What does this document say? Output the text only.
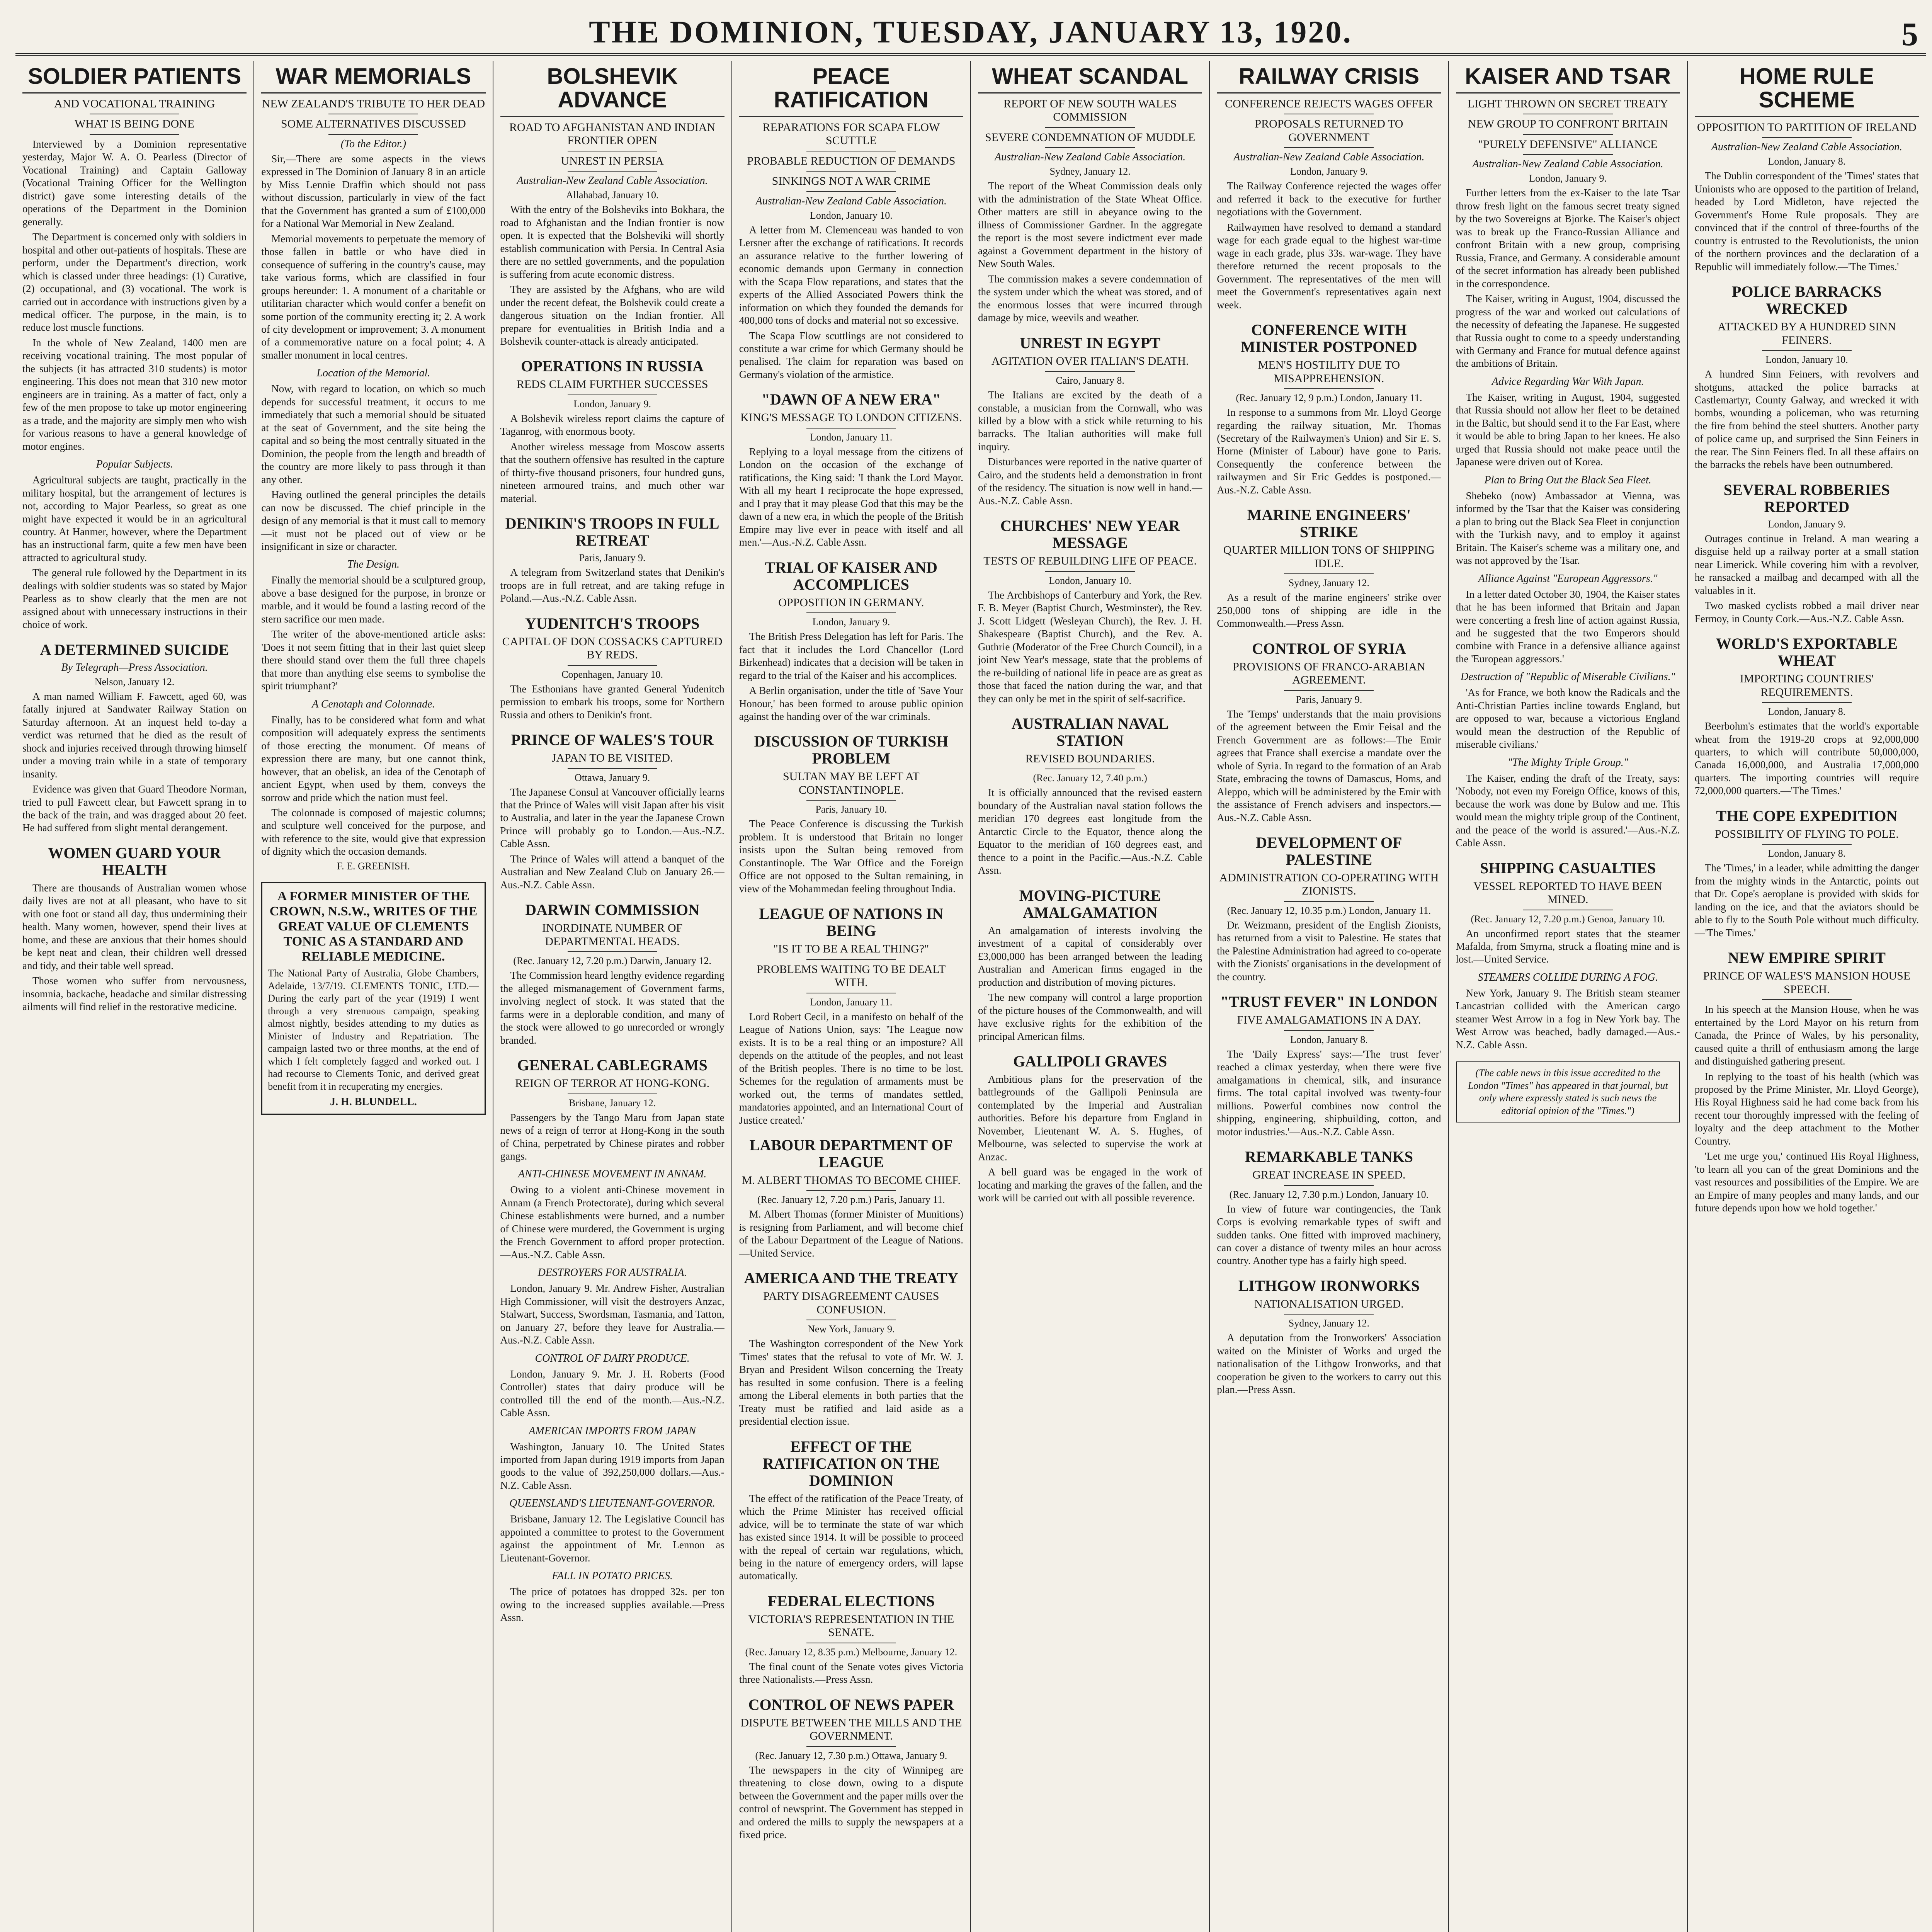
THE DOMINION, TUESDAY, JANUARY 13, 1920.	5
SOLDIER PATIENTS
AND VOCATIONAL TRAINING
WHAT IS BEING DONE

Interviewed by a Dominion representative yesterday, Major W. A. O. Pearless (Director of Vocational Training) and Captain Galloway (Vocational Training Officer for the Wellington district) gave some interesting details of the operations of the Department in the Dominion generally.

The Department is concerned only with soldiers in hospital and other out-patients of hospitals. These are perform, under the Department's direction, work which is classed under three headings: (1) Curative, (2) occupational, and (3) vocational. The work is carried out in accordance with instructions given by a medical officer. The purpose, in the main, is to reduce lost muscle functions.

In the whole of New Zealand, 1400 men are receiving vocational training. The most popular of the subjects (it has attracted 310 students) is motor engineering. This does not mean that 310 new motor engineers are in training. As a matter of fact, only a few of the men propose to take up motor engineering as a trade, and the majority are simply men who wish for various reasons to have a general knowledge of motor engines.

Popular Subjects.

Agricultural subjects are taught, practically in the military hospital, but the arrangement of lectures is not, according to Major Pearless, so great as one might have expected it would be in an agricultural country. At Hanmer, however, where the Department has an instructional farm, quite a few men have been attracted to agricultural study.

The general rule followed by the Department in its dealings with soldier students was so stated by Major Pearless as to show clearly that the men are not assigned about with unnecessary instructions in their choice of work.

A DETERMINED SUICIDE
By Telegraph—Press Association.
Nelson, January 12.

A man named William F. Fawcett, aged 60, was fatally injured at Sandwater Railway Station on Saturday afternoon. At an inquest held to-day a verdict was returned that he died as the result of shock and injuries received through throwing himself under a moving train while in a state of temporary insanity.

Evidence was given that Guard Theodore Norman, tried to pull Fawcett clear, but Fawcett sprang in to the back of the train, and was dragged about 20 feet. He had suffered from slight mental derangement.

WOMEN GUARD YOUR HEALTH

There are thousands of Australian women whose daily lives are not at all pleasant, who have to sit with one foot or stand all day, thus undermining their health. Many women, however, spend their lives at home, and these are anxious that their homes should be kept neat and clean, their children well dressed and tidy, and their table well spread.

Those women who suffer from nervousness, insomnia, backache, headache and similar distressing ailments will find relief in the restorative medicine.

WAR MEMORIALS
NEW ZEALAND'S TRIBUTE TO HER DEAD
SOME ALTERNATIVES DISCUSSED
(To the Editor.)

Sir,—There are some aspects in the views expressed in The Dominion of January 8 in an article by Miss Lennie Draffin which should not pass without discussion, particularly in view of the fact that the Government has granted a sum of £100,000 for a National War Memorial in New Zealand.

Memorial movements to perpetuate the memory of those fallen in battle or who have died in consequence of suffering in the country's cause, may take various forms, which are classified in four groups hereunder: 1. A monument of a charitable or utilitarian character which would confer a benefit on some portion of the community erecting it; 2. A work of city development or improvement; 3. A monument of a commemorative nature on a focal point; 4. A smaller monument in local centres.

Location of the Memorial.

Now, with regard to location, on which so much depends for successful treatment, it occurs to me immediately that such a memorial should be situated at the seat of Government, and the site being the capital and so being the most centrally situated in the Dominion, the people from the length and breadth of the country are more likely to pass through it than any other.

Having outlined the general principles the details can now be discussed. The chief principle in the design of any memorial is that it must call to memory—it must not be placed out of view or be insignificant in size or character.

The Design.

Finally the memorial should be a sculptured group, above a base designed for the purpose, in bronze or marble, and it would be found a lasting record of the stern sacrifice our men made.

The writer of the above-mentioned article asks: 'Does it not seem fitting that in their last quiet sleep there should stand over them the full three chapels that more than anything else seems to symbolise the spirit triumphant?'

A Cenotaph and Colonnade.

Finally, has to be considered what form and what composition will adequately express the sentiments of those erecting the monument. Of means of expression there are many, but one cannot think, however, that an obelisk, an idea of the Cenotaph of ancient Egypt, when used by them, conveys the sorrow and pride which the nation must feel.

The colonnade is composed of majestic columns; and sculpture well conceived for the purpose, and with reference to the site, would give that expression of dignity which the occasion demands.

F. E. GREENISH.
A FORMER MINISTER OF THE CROWN, N.S.W., WRITES OF THE GREAT VALUE OF CLEMENTS TONIC AS A STANDARD AND RELIABLE MEDICINE.
The National Party of Australia, Globe Chambers, Adelaide, 13/7/19. CLEMENTS TONIC, LTD.—During the early part of the year (1919) I went through a very strenuous campaign, speaking almost nightly, besides attending to my duties as Minister of Industry and Repatriation. The campaign lasted two or three months, at the end of which I felt completely fagged and worked out. I had recourse to Clements Tonic, and derived great benefit from it in recuperating my energies.
J. H. BLUNDELL.
BOLSHEVIK ADVANCE
ROAD TO AFGHANISTAN AND INDIAN FRONTIER OPEN
UNREST IN PERSIA
Australian-New Zealand Cable Association.
Allahabad, January 10.

With the entry of the Bolsheviks into Bokhara, the road to Afghanistan and the Indian frontier is now open. It is expected that the Bolsheviki will shortly establish communication with Persia. In Central Asia there are no settled governments, and the population is suffering from acute economic distress.

They are assisted by the Afghans, who are wild under the recent defeat, the Bolshevik could create a dangerous situation on the Indian frontier. All prepare for eventualities in British India and a Bolshevik counter-attack is already anticipated.

OPERATIONS IN RUSSIA
REDS CLAIM FURTHER SUCCESSES
London, January 9.

A Bolshevik wireless report claims the capture of Taganrog, with enormous booty.

Another wireless message from Moscow asserts that the southern offensive has resulted in the capture of thirty-five thousand prisoners, four hundred guns, nineteen armoured trains, and much other war material.

DENIKIN'S TROOPS IN FULL RETREAT
Paris, January 9.

A telegram from Switzerland states that Denikin's troops are in full retreat, and are taking refuge in Poland.—Aus.-N.Z. Cable Assn.

YUDENITCH'S TROOPS
CAPITAL OF DON COSSACKS CAPTURED BY REDS.
Copenhagen, January 10.

The Esthonians have granted General Yudenitch permission to embark his troops, some for Northern Russia and others to Denikin's front.

PRINCE OF WALES'S TOUR
JAPAN TO BE VISITED.
Ottawa, January 9.

The Japanese Consul at Vancouver officially learns that the Prince of Wales will visit Japan after his visit to Australia, and later in the year the Japanese Crown Prince will probably go to London.—Aus.-N.Z. Cable Assn.

The Prince of Wales will attend a banquet of the Australian and New Zealand Club on January 26.—Aus.-N.Z. Cable Assn.

DARWIN COMMISSION
INORDINATE NUMBER OF DEPARTMENTAL HEADS.
(Rec. January 12, 7.20 p.m.) Darwin, January 12.

The Commission heard lengthy evidence regarding the alleged mismanagement of Government farms, involving neglect of stock. It was stated that the farms were in a deplorable condition, and many of the stock were allowed to go unrecorded or wrongly branded.

GENERAL CABLEGRAMS
REIGN OF TERROR AT HONG-KONG.
Brisbane, January 12.

Passengers by the Tango Maru from Japan state news of a reign of terror at Hong-Kong in the south of China, perpetrated by Chinese pirates and robber gangs.

ANTI-CHINESE MOVEMENT IN ANNAM.

Owing to a violent anti-Chinese movement in Annam (a French Protectorate), during which several Chinese establishments were burned, and a number of Chinese were murdered, the Government is urging the French Government to afford proper protection.—Aus.-N.Z. Cable Assn.

DESTROYERS FOR AUSTRALIA.

London, January 9. Mr. Andrew Fisher, Australian High Commissioner, will visit the destroyers Anzac, Stalwart, Success, Swordsman, Tasmania, and Tatton, on January 27, before they leave for Australia.—Aus.-N.Z. Cable Assn.

CONTROL OF DAIRY PRODUCE.

London, January 9. Mr. J. H. Roberts (Food Controller) states that dairy produce will be controlled till the end of the month.—Aus.-N.Z. Cable Assn.

AMERICAN IMPORTS FROM JAPAN

Washington, January 10. The United States imported from Japan during 1919 imports from Japan goods to the value of 392,250,000 dollars.—Aus.-N.Z. Cable Assn.

QUEENSLAND'S LIEUTENANT-GOVERNOR.

Brisbane, January 12. The Legislative Council has appointed a committee to protest to the Government against the appointment of Mr. Lennon as Lieutenant-Governor.

FALL IN POTATO PRICES.

The price of potatoes has dropped 32s. per ton owing to the increased supplies available.—Press Assn.

PEACE RATIFICATION
REPARATIONS FOR SCAPA FLOW SCUTTLE
PROBABLE REDUCTION OF DEMANDS
SINKINGS NOT A WAR CRIME
Australian-New Zealand Cable Association.
London, January 10.

A letter from M. Clemenceau was handed to von Lersner after the exchange of ratifications. It records an assurance relative to the further lowering of economic demands upon Germany in connection with the Scapa Flow reparations, and states that the experts of the Allied Associated Powers think the information on which they founded the demands for 400,000 tons of docks and material not so excessive.

The Scapa Flow scuttlings are not considered to constitute a war crime for which Germany should be penalised. The claim for reparation was based on Germany's violation of the armistice.

"DAWN OF A NEW ERA"
KING'S MESSAGE TO LONDON CITIZENS.
London, January 11.

Replying to a loyal message from the citizens of London on the occasion of the exchange of ratifications, the King said: 'I thank the Lord Mayor. With all my heart I reciprocate the hope expressed, and I pray that it may please God that this may be the dawn of a new era, in which the people of the British Empire may live ever in peace with itself and all men.'—Aus.-N.Z. Cable Assn.

TRIAL OF KAISER AND ACCOMPLICES
OPPOSITION IN GERMANY.
London, January 9.

The British Press Delegation has left for Paris. The fact that it includes the Lord Chancellor (Lord Birkenhead) indicates that a decision will be taken in regard to the trial of the Kaiser and his accomplices.

A Berlin organisation, under the title of 'Save Your Honour,' has been formed to arouse public opinion against the handing over of the war criminals.

DISCUSSION OF TURKISH PROBLEM
SULTAN MAY BE LEFT AT CONSTANTINOPLE.
Paris, January 10.

The Peace Conference is discussing the Turkish problem. It is understood that Britain no longer insists upon the Sultan being removed from Constantinople. The War Office and the Foreign Office are not opposed to the Sultan remaining, in view of the Mohammedan feeling throughout India.

LEAGUE OF NATIONS IN BEING
"IS IT TO BE A REAL THING?"
PROBLEMS WAITING TO BE DEALT WITH.
London, January 11.

Lord Robert Cecil, in a manifesto on behalf of the League of Nations Union, says: 'The League now exists. It is to be a real thing or an imposture? All depends on the attitude of the peoples, and not least of the British peoples. There is no time to be lost. Schemes for the regulation of armaments must be worked out, the terms of mandates settled, mandatories appointed, and an International Court of Justice created.'

LABOUR DEPARTMENT OF LEAGUE
M. ALBERT THOMAS TO BECOME CHIEF.
(Rec. January 12, 7.20 p.m.) Paris, January 11.

M. Albert Thomas (former Minister of Munitions) is resigning from Parliament, and will become chief of the Labour Department of the League of Nations.—United Service.

AMERICA AND THE TREATY
PARTY DISAGREEMENT CAUSES CONFUSION.
New York, January 9.

The Washington correspondent of the New York 'Times' states that the refusal to vote of Mr. W. J. Bryan and President Wilson concerning the Treaty has resulted in some confusion. There is a feeling among the Liberal elements in both parties that the Treaty must be ratified and laid aside as a presidential election issue.

EFFECT OF THE RATIFICATION ON THE DOMINION

The effect of the ratification of the Peace Treaty, of which the Prime Minister has received official advice, will be to terminate the state of war which has existed since 1914. It will be possible to proceed with the repeal of certain war regulations, which, being in the nature of emergency orders, will lapse automatically.

FEDERAL ELECTIONS
VICTORIA'S REPRESENTATION IN THE SENATE.
(Rec. January 12, 8.35 p.m.) Melbourne, January 12.

The final count of the Senate votes gives Victoria three Nationalists.—Press Assn.

CONTROL OF NEWS PAPER
DISPUTE BETWEEN THE MILLS AND THE GOVERNMENT.
(Rec. January 12, 7.30 p.m.) Ottawa, January 9.

The newspapers in the city of Winnipeg are threatening to close down, owing to a dispute between the Government and the paper mills over the control of newsprint. The Government has stepped in and ordered the mills to supply the newspapers at a fixed price.

WHEAT SCANDAL
REPORT OF NEW SOUTH WALES COMMISSION
SEVERE CONDEMNATION OF MUDDLE
Australian-New Zealand Cable Association.
Sydney, January 12.

The report of the Wheat Commission deals only with the administration of the State Wheat Office. Other matters are still in abeyance owing to the illness of Commissioner Gardner. In the aggregate the report is the most severe indictment ever made against a Government department in the history of New South Wales.

The commission makes a severe condemnation of the system under which the wheat was stored, and of the enormous losses that were incurred through damage by mice, weevils and weather.

UNREST IN EGYPT
AGITATION OVER ITALIAN'S DEATH.
Cairo, January 8.

The Italians are excited by the death of a constable, a musician from the Cornwall, who was killed by a blow with a stick while returning to his barracks. The Italian authorities will make full inquiry.

Disturbances were reported in the native quarter of Cairo, and the students held a demonstration in front of the residency. The situation is now well in hand.—Aus.-N.Z. Cable Assn.

CHURCHES' NEW YEAR MESSAGE
TESTS OF REBUILDING LIFE OF PEACE.
London, January 10.

The Archbishops of Canterbury and York, the Rev. F. B. Meyer (Baptist Church, Westminster), the Rev. J. Scott Lidgett (Wesleyan Church), the Rev. J. H. Shakespeare (Baptist Church), and the Rev. A. Guthrie (Moderator of the Free Church Council), in a joint New Year's message, state that the problems of the re-building of national life in peace are as great as those that faced the nation during the war, and that they can only be met in the spirit of self-sacrifice.

AUSTRALIAN NAVAL STATION
REVISED BOUNDARIES.
(Rec. January 12, 7.40 p.m.)

It is officially announced that the revised eastern boundary of the Australian naval station follows the meridian 170 degrees east longitude from the Antarctic Circle to the Equator, thence along the Equator to the meridian of 160 degrees east, and thence to a point in the Pacific.—Aus.-N.Z. Cable Assn.

MOVING-PICTURE AMALGAMATION

An amalgamation of interests involving the investment of a capital of considerably over £3,000,000 has been arranged between the leading Australian and American firms engaged in the production and distribution of moving pictures.

The new company will control a large proportion of the picture houses of the Commonwealth, and will have exclusive rights for the exhibition of the principal American films.

GALLIPOLI GRAVES

Ambitious plans for the preservation of the battlegrounds of the Gallipoli Peninsula are contemplated by the Imperial and Australian authorities. Before his departure from England in November, Lieutenant W. A. S. Hughes, of Melbourne, was selected to supervise the work at Anzac.

A bell guard was be engaged in the work of locating and marking the graves of the fallen, and the work will be carried out with all possible reverence.

RAILWAY CRISIS
CONFERENCE REJECTS WAGES OFFER
PROPOSALS RETURNED TO GOVERNMENT
Australian-New Zealand Cable Association.
London, January 9.

The Railway Conference rejected the wages offer and referred it back to the executive for further negotiations with the Government.

Railwaymen have resolved to demand a standard wage for each grade equal to the highest war-time wage in each grade, plus 33s. war-wage. They have therefore returned the recent proposals to the Government. The representatives of the men will meet the Government's representatives again next week.

CONFERENCE WITH MINISTER POSTPONED
MEN'S HOSTILITY DUE TO MISAPPREHENSION.
(Rec. January 12, 9 p.m.) London, January 11.

In response to a summons from Mr. Lloyd George regarding the railway situation, Mr. Thomas (Secretary of the Railwaymen's Union) and Sir E. S. Horne (Minister of Labour) have gone to Paris. Consequently the conference between the railwaymen and Sir Eric Geddes is postponed.—Aus.-N.Z. Cable Assn.

MARINE ENGINEERS' STRIKE
QUARTER MILLION TONS OF SHIPPING IDLE.
Sydney, January 12.

As a result of the marine engineers' strike over 250,000 tons of shipping are idle in the Commonwealth.—Press Assn.

CONTROL OF SYRIA
PROVISIONS OF FRANCO-ARABIAN AGREEMENT.
Paris, January 9.

The 'Temps' understands that the main provisions of the agreement between the Emir Feisal and the French Government are as follows:—The Emir agrees that France shall exercise a mandate over the whole of Syria. In regard to the formation of an Arab State, embracing the towns of Damascus, Homs, and Aleppo, which will be administered by the Emir with the assistance of French advisers and inspectors.—Aus.-N.Z. Cable Assn.

DEVELOPMENT OF PALESTINE
ADMINISTRATION CO-OPERATING WITH ZIONISTS.
(Rec. January 12, 10.35 p.m.) London, January 11.

Dr. Weizmann, president of the English Zionists, has returned from a visit to Palestine. He states that the Palestine Administration had agreed to co-operate with the Zionists' organisations in the development of the country.

"TRUST FEVER" IN LONDON
FIVE AMALGAMATIONS IN A DAY.
London, January 8.

The 'Daily Express' says:—'The trust fever' reached a climax yesterday, when there were five amalgamations in chemical, silk, and insurance firms. The total capital involved was twenty-four millions. Powerful combines now control the shipping, engineering, shipbuilding, cotton, and motor industries.'—Aus.-N.Z. Cable Assn.

REMARKABLE TANKS
GREAT INCREASE IN SPEED.
(Rec. January 12, 7.30 p.m.) London, January 10.

In view of future war contingencies, the Tank Corps is evolving remarkable types of swift and sudden tanks. One fitted with improved machinery, can cover a distance of twenty miles an hour across country. Another type has a fairly high speed.

LITHGOW IRONWORKS
NATIONALISATION URGED.
Sydney, January 12.

A deputation from the Ironworkers' Association waited on the Minister of Works and urged the nationalisation of the Lithgow Ironworks, and that cooperation be given to the workers to carry out this plan.—Press Assn.

KAISER AND TSAR
LIGHT THROWN ON SECRET TREATY
NEW GROUP TO CONFRONT BRITAIN
"PURELY DEFENSIVE" ALLIANCE
Australian-New Zealand Cable Association.
London, January 9.

Further letters from the ex-Kaiser to the late Tsar throw fresh light on the famous secret treaty signed by the two Sovereigns at Bjorke. The Kaiser's object was to break up the Franco-Russian Alliance and confront Britain with a new group, comprising Russia, France, and Germany. A considerable amount of the secret information has already been published in the correspondence.

The Kaiser, writing in August, 1904, discussed the progress of the war and worked out calculations of the necessity of defeating the Japanese. He suggested that Russia ought to come to a speedy understanding with Germany and France for mutual defence against the ambitions of Britain.

Advice Regarding War With Japan.

The Kaiser, writing in August, 1904, suggested that Russia should not allow her fleet to be detained in the Baltic, but should send it to the Far East, where it would be able to bring Japan to her knees. He also urged that Russia should not make peace until the Japanese were driven out of Korea.

Plan to Bring Out the Black Sea Fleet.

Shebeko (now) Ambassador at Vienna, was informed by the Tsar that the Kaiser was considering a plan to bring out the Black Sea Fleet in conjunction with the Turkish navy, and to employ it against Britain. The Kaiser's scheme was a military one, and was not approved by the Tsar.

Alliance Against "European Aggressors."

In a letter dated October 30, 1904, the Kaiser states that he has been informed that Britain and Japan were concerting a fresh line of action against Russia, and he suggested that the two Emperors should combine with France in a defensive alliance against the 'European aggressors.'

Destruction of "Republic of Miserable Civilians."

'As for France, we both know the Radicals and the Anti-Christian Parties incline towards England, but are opposed to war, because a victorious England would mean the destruction of the Republic of miserable civilians.'

"The Mighty Triple Group."

The Kaiser, ending the draft of the Treaty, says: 'Nobody, not even my Foreign Office, knows of this, because the work was done by Bulow and me. This would mean the mighty triple group of the Continent, and the peace of the world is assured.'—Aus.-N.Z. Cable Assn.

SHIPPING CASUALTIES
VESSEL REPORTED TO HAVE BEEN MINED.
(Rec. January 12, 7.20 p.m.) Genoa, January 10.

An unconfirmed report states that the steamer Mafalda, from Smyrna, struck a floating mine and is lost.—United Service.

STEAMERS COLLIDE DURING A FOG.

New York, January 9. The British steam steamer Lancastrian collided with the American cargo steamer West Arrow in a fog in New York bay. The West Arrow was beached, badly damaged.—Aus.-N.Z. Cable Assn.

(The cable news in this issue accredited to the London "Times" has appeared in that journal, but only where expressly stated is such news the editorial opinion of the "Times.")
HOME RULE SCHEME
OPPOSITION TO PARTITION OF IRELAND
Australian-New Zealand Cable Association.
London, January 8.

The Dublin correspondent of the 'Times' states that Unionists who are opposed to the partition of Ireland, headed by Lord Midleton, have rejected the Government's Home Rule proposals. They are convinced that if the control of three-fourths of the country is entrusted to the Revolutionists, the union of the northern provinces and the declaration of a Republic will immediately follow.—'The Times.'

POLICE BARRACKS WRECKED
ATTACKED BY A HUNDRED SINN FEINERS.
London, January 10.

A hundred Sinn Feiners, with revolvers and shotguns, attacked the police barracks at Castlemartyr, County Galway, and wrecked it with bombs, wounding a policeman, who was returning the fire from behind the steel shutters. Another party of police came up, and surprised the Sinn Feiners in the rear. The Sinn Feiners fled. In all these affairs on the barracks the rebels have been outnumbered.

SEVERAL ROBBERIES REPORTED
London, January 9.

Outrages continue in Ireland. A man wearing a disguise held up a railway porter at a small station near Limerick. While covering him with a revolver, he ransacked a mailbag and decamped with all the valuables in it.

Two masked cyclists robbed a mail driver near Fermoy, in County Cork.—Aus.-N.Z. Cable Assn.

WORLD'S EXPORTABLE WHEAT
IMPORTING COUNTRIES' REQUIREMENTS.
London, January 8.

Beerbohm's estimates that the world's exportable wheat from the 1919-20 crops at 92,000,000 quarters, to which will contribute 50,000,000, Canada 16,000,000, and Australia 17,000,000 quarters. The importing countries will require 72,000,000 quarters.—'The Times.'

THE COPE EXPEDITION
POSSIBILITY OF FLYING TO POLE.
London, January 8.

The 'Times,' in a leader, while admitting the danger from the mighty winds in the Antarctic, points out that Dr. Cope's aeroplane is provided with skids for landing on the ice, and that the aviators should be able to fly to the South Pole without much difficulty.—'The Times.'

NEW EMPIRE SPIRIT
PRINCE OF WALES'S MANSION HOUSE SPEECH.

In his speech at the Mansion House, when he was entertained by the Lord Mayor on his return from Canada, the Prince of Wales, by his personality, caused quite a thrill of enthusiasm among the large and distinguished gathering present.

In replying to the toast of his health (which was proposed by the Prime Minister, Mr. Lloyd George), His Royal Highness said he had come back from his recent tour thoroughly impressed with the feeling of loyalty and the deep attachment to the Mother Country.

'Let me urge you,' continued His Royal Highness, 'to learn all you can of the great Dominions and the vast resources and possibilities of the Empire. We are an Empire of many peoples and many lands, and our future depends upon how we hold together.'
